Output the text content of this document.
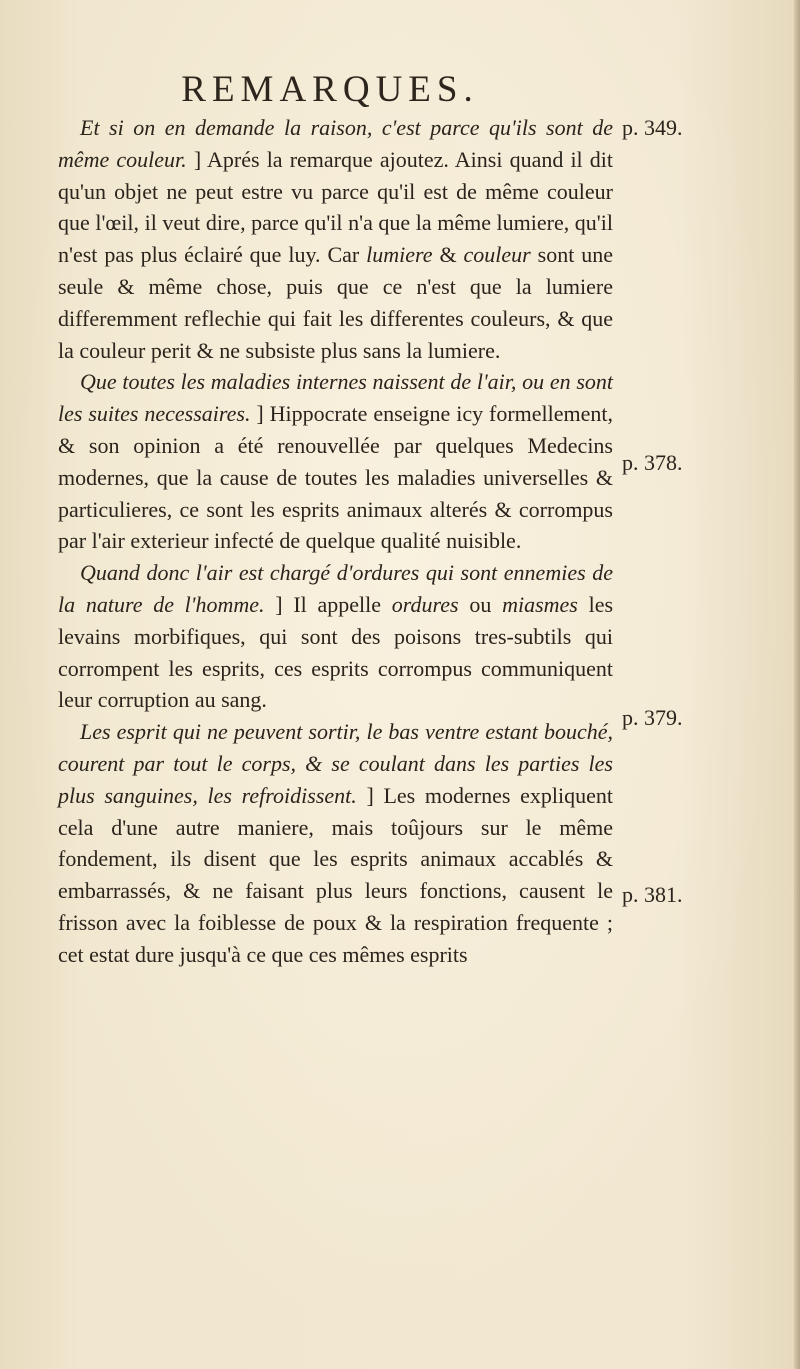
REMARQUES.

Et si on en demande la raison, c'est parce qu'ils sont de même couleur. ] Aprés la remarque ajoutez. Ainsi quand il dit qu'un objet ne peut estre vu parce qu'il est de même couleur que l'œil, il veut dire, parce qu'il n'a que la même lumiere, qu'il n'est pas plus éclairé que luy. Car lumiere & couleur sont une seule & même chose, puis que ce n'est que la lumiere differemment reflechie qui fait les differentes couleurs, & que la couleur perit & ne subsiste plus sans la lumiere.

Que toutes les maladies internes naissent de l'air, ou en sont les suites necessaires. ] Hippocrate enseigne icy formellement, & son opinion a été renouvellée par quelques Medecins modernes, que la cause de toutes les maladies universelles & particulieres, ce sont les esprits animaux alterés & corrompus par l'air exterieur infecté de quelque qualité nuisible.

Quand donc l'air est chargé d'ordures qui sont ennemies de la nature de l'homme. ] Il appelle ordures ou miasmes les levains morbifiques, qui sont des poisons tres-subtils qui corrompent les esprits, ces esprits corrompus communiquent leur corruption au sang.

Les esprit qui ne peuvent sortir, le bas ventre estant bouché, courent par tout le corps, & se coulant dans les parties les plus sanguines, les refroidissent. ] Les modernes expliquent cela d'une autre maniere, mais toûjours sur le même fondement, ils disent que les esprits animaux accablés & embarrassés, & ne faisant plus leurs fonctions, causent le frisson avec la foiblesse de poux & la respiration frequente ; cet estat dure jusqu'à ce que ces mêmes esprits

p. 349.
p. 378.
p. 379.
p. 381.
